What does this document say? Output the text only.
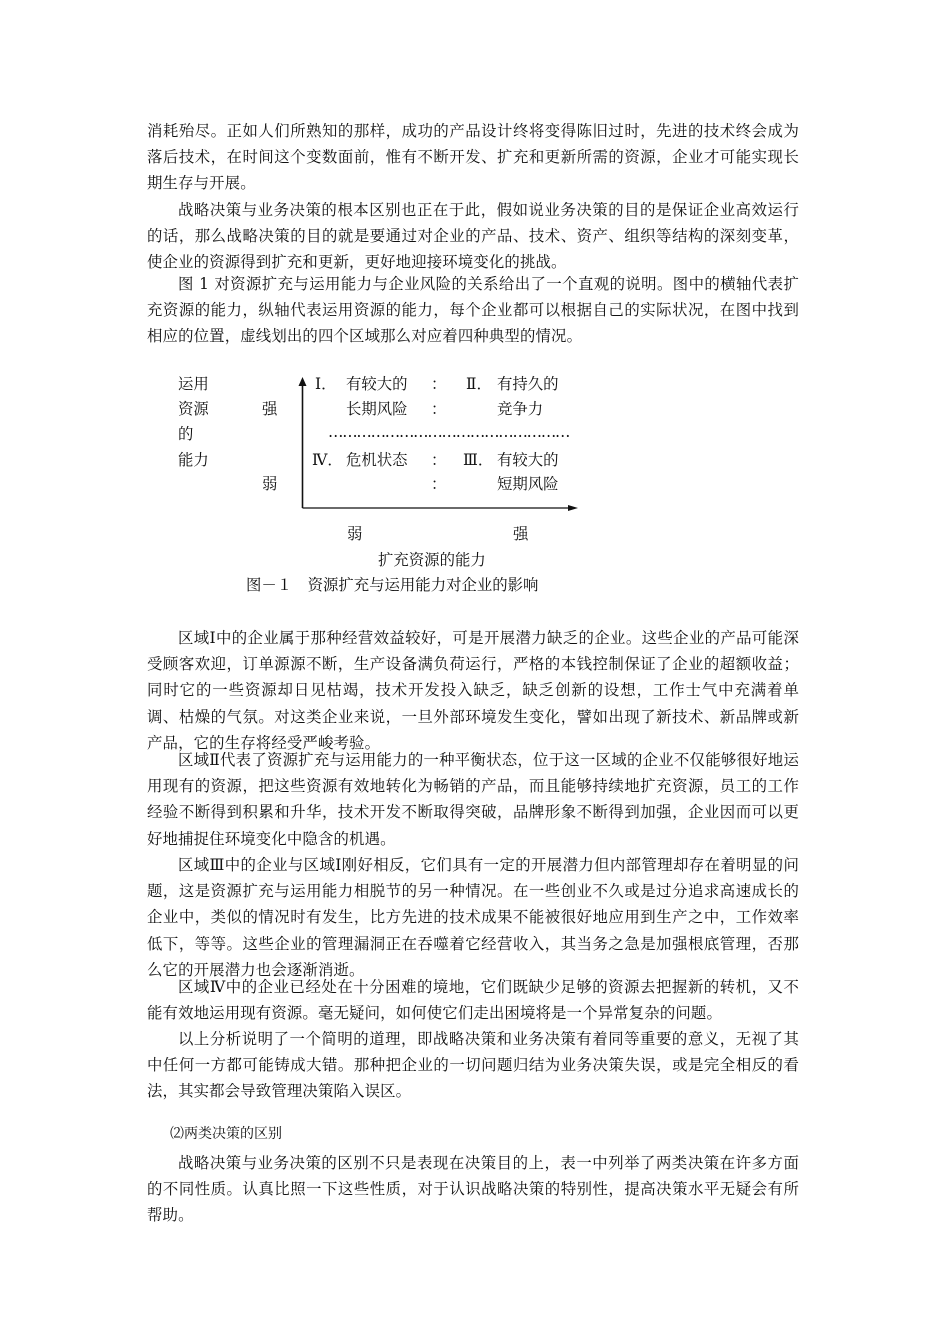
消耗殆尽。正如人们所熟知的那样，成功的产品设计终将变得陈旧过时，先进的技术终会成为落后技术，在时间这个变数面前，惟有不断开发、扩充和更新所需的资源，企业才可能实现长期生存与开展。

战略决策与业务决策的根本区别也正在于此，假如说业务决策的目的是保证企业高效运行的话，那么战略决策的目的就是要通过对企业的产品、技术、资产、组织等结构的深刻变革，使企业的资源得到扩充和更新，更好地迎接环境变化的挑战。

图 1 对资源扩充与运用能力与企业风险的关系给出了一个直观的说明。图中的横轴代表扩充资源的能力，纵轴代表运用资源的能力，每个企业都可以根据自己的实际状况，在图中找到相应的位置，虚线划出的四个区域那么对应着四种典型的情况。

运用
资源
的
能力
强
弱
Ⅰ． 有较大的
长期风险
：
：
Ⅱ． 有持久的
竞争力
……………………………………………
Ⅳ． 危机状态 ：
：
Ⅲ． 有较大的
短期风险
弱	强
扩充资源的能力
图－１　资源扩充与运用能力对企业的影响

区域Ⅰ中的企业属于那种经营效益较好，可是开展潜力缺乏的企业。这些企业的产品可能深受顾客欢迎，订单源源不断，生产设备满负荷运行，严格的本钱控制保证了企业的超额收益；同时它的一些资源却日见枯竭，技术开发投入缺乏，缺乏创新的设想，工作士气中充满着单调、枯燥的气氛。对这类企业来说，一旦外部环境发生变化，譬如出现了新技术、新品牌或新产品，它的生存将经受严峻考验。

区域Ⅱ代表了资源扩充与运用能力的一种平衡状态，位于这一区域的企业不仅能够很好地运用现有的资源，把这些资源有效地转化为畅销的产品，而且能够持续地扩充资源，员工的工作经验不断得到积累和升华，技术开发不断取得突破，品牌形象不断得到加强，企业因而可以更好地捕捉住环境变化中隐含的机遇。

区域Ⅲ中的企业与区域Ⅰ刚好相反，它们具有一定的开展潜力但内部管理却存在着明显的问题，这是资源扩充与运用能力相脱节的另一种情况。在一些创业不久或是过分追求高速成长的企业中，类似的情况时有发生，比方先进的技术成果不能被很好地应用到生产之中，工作效率低下，等等。这些企业的管理漏洞正在吞噬着它经营收入，其当务之急是加强根底管理，否那么它的开展潜力也会逐渐消逝。

区域Ⅳ中的企业已经处在十分困难的境地，它们既缺少足够的资源去把握新的转机，又不能有效地运用现有资源。毫无疑问，如何使它们走出困境将是一个异常复杂的问题。

以上分析说明了一个简明的道理，即战略决策和业务决策有着同等重要的意义，无视了其中任何一方都可能铸成大错。那种把企业的一切问题归结为业务决策失误，或是完全相反的看法，其实都会导致管理决策陷入误区。

⑵两类决策的区别

战略决策与业务决策的区别不只是表现在决策目的上，表一中列举了两类决策在许多方面的不同性质。认真比照一下这些性质，对于认识战略决策的特别性，提高决策水平无疑会有所帮助。
